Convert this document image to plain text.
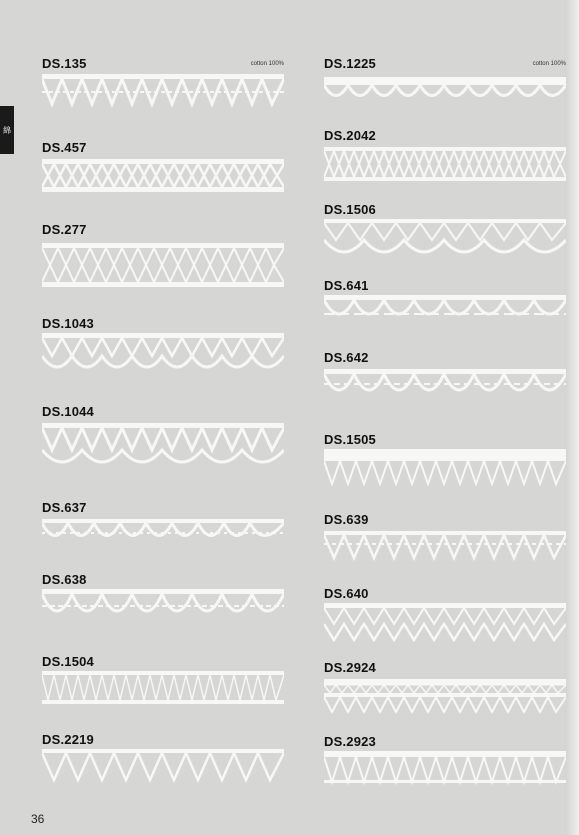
綿
DS.135	cotton 100%
DS.457
DS.277
DS.1043
DS.1044
DS.637
DS.638
DS.1504
DS.2219
DS.1225	cotton 100%
DS.2042
DS.1506
DS.641
DS.642
DS.1505
DS.639
DS.640
DS.2924
DS.2923
36
